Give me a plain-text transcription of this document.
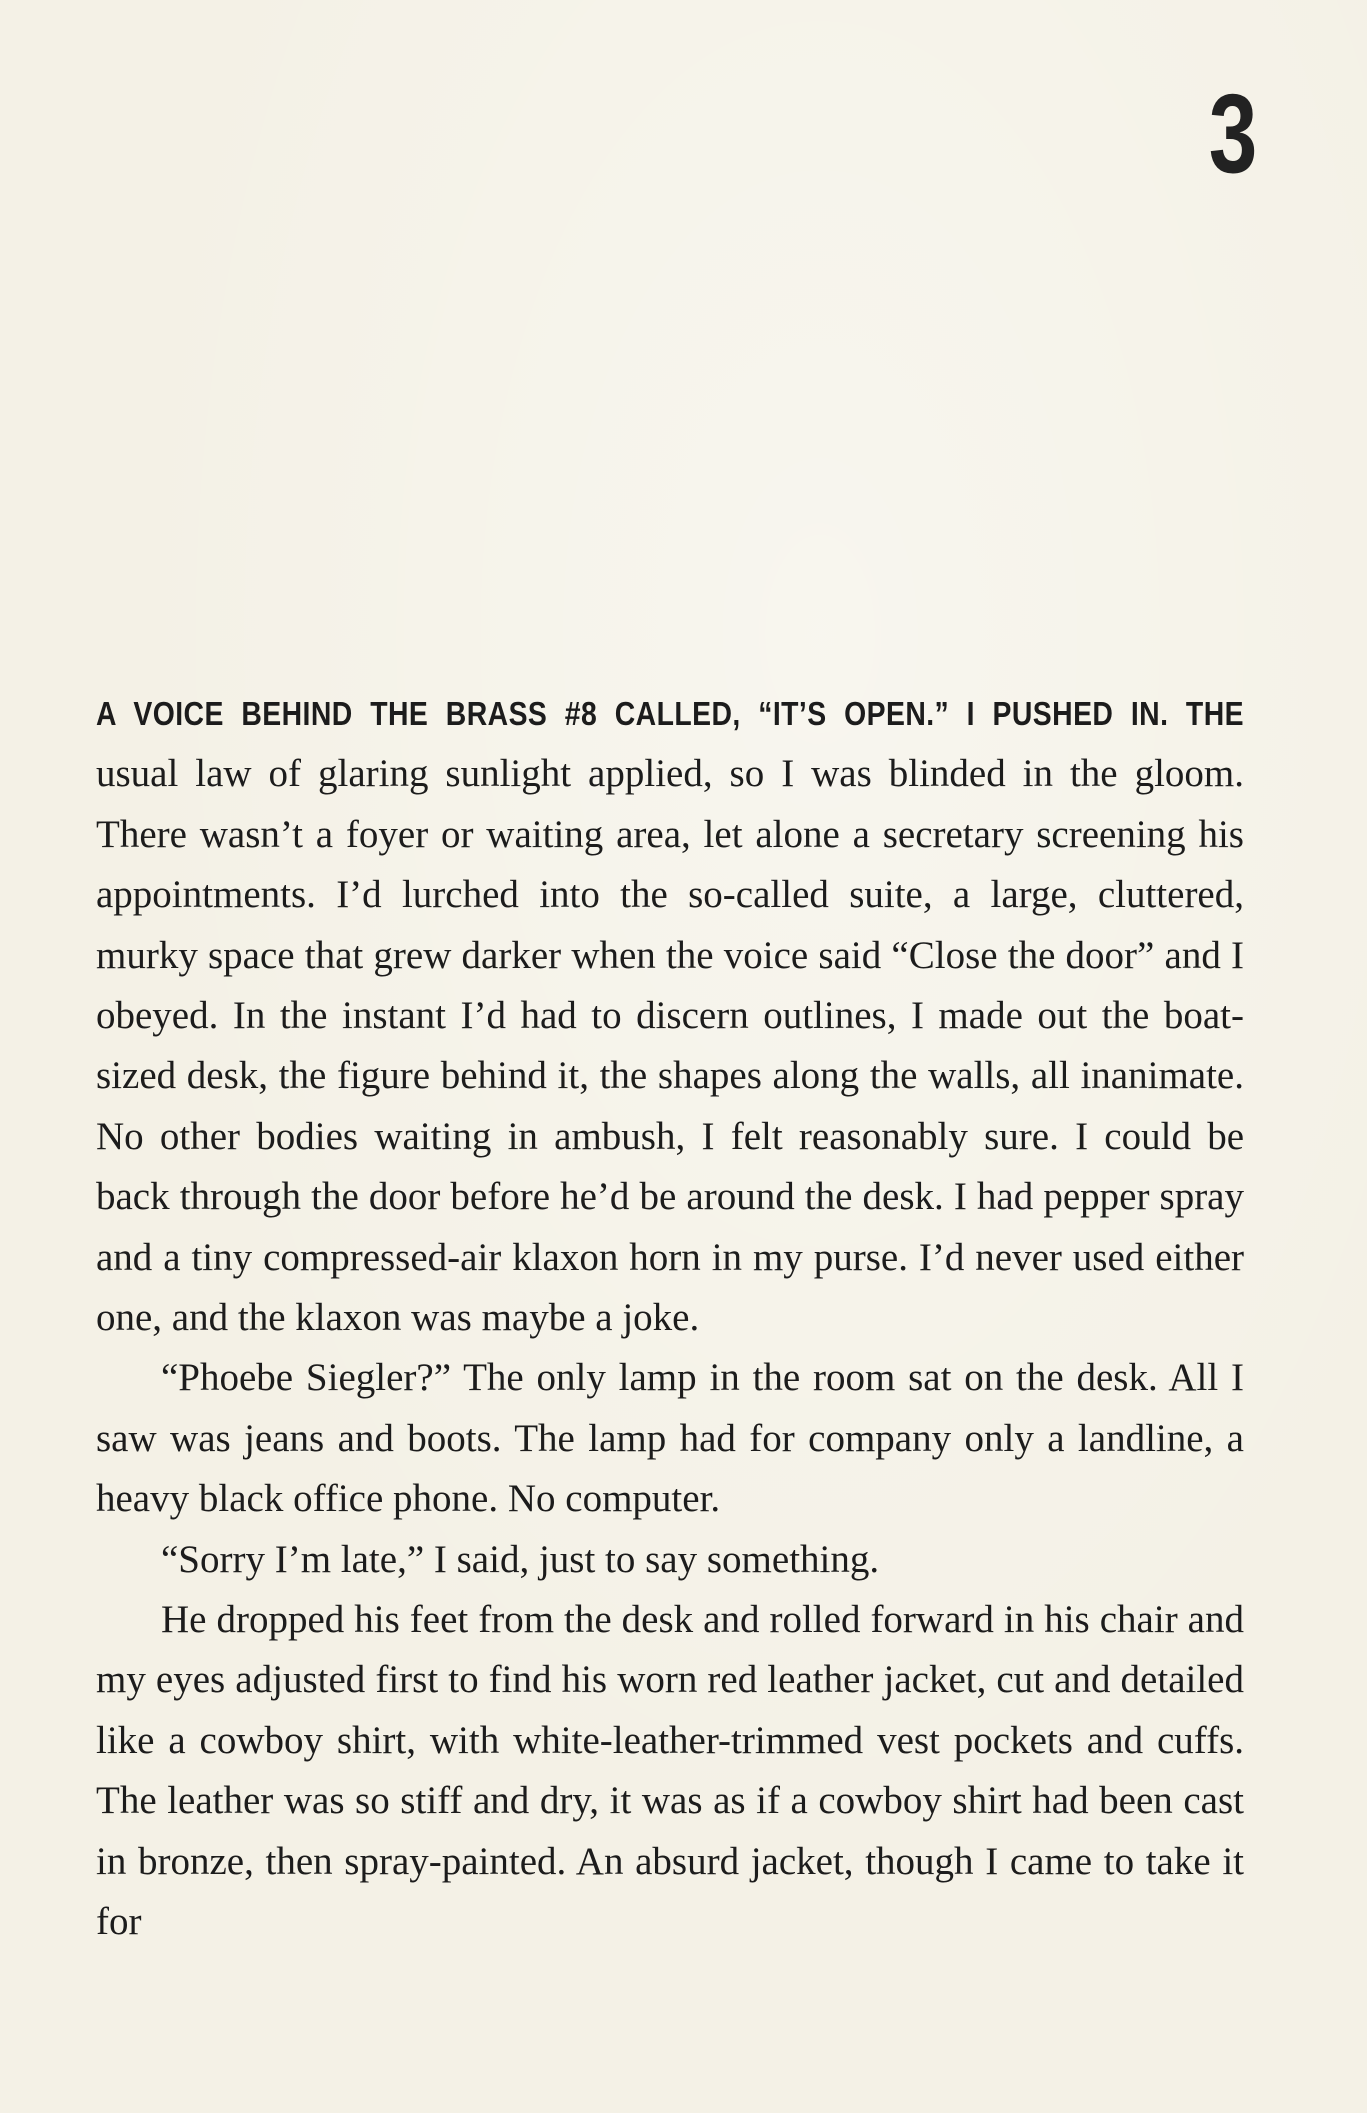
3

A VOICE BEHIND THE BRASS #8 CALLED, “IT’S OPEN.” I PUSHED IN. THE
usual law of glaring sunlight applied, so I was blinded in the gloom. There wasn’t a foyer or waiting area, let alone a secretary screening his appointments. I’d lurched into the so-called suite, a large, cluttered, murky space that grew darker when the voice said “Close the door” and I obeyed. In the instant I’d had to discern outlines, I made out the boat-sized desk, the figure behind it, the shapes along the walls, all inanimate. No other bodies waiting in ambush, I felt reasonably sure. I could be back through the door before he’d be around the desk. I had pepper spray and a tiny compressed-air klaxon horn in my purse. I’d never used either one, and the klaxon was maybe a joke.

“Phoebe Siegler?” The only lamp in the room sat on the desk. All I saw was jeans and boots. The lamp had for company only a landline, a heavy black office phone. No computer.

“Sorry I’m late,” I said, just to say something.

He dropped his feet from the desk and rolled forward in his chair and my eyes adjusted first to find his worn red leather jacket, cut and detailed like a cowboy shirt, with white-leather-trimmed vest pockets and cuffs. The leather was so stiff and dry, it was as if a cowboy shirt had been cast in bronze, then spray-painted. An absurd jacket, though I came to take it for
